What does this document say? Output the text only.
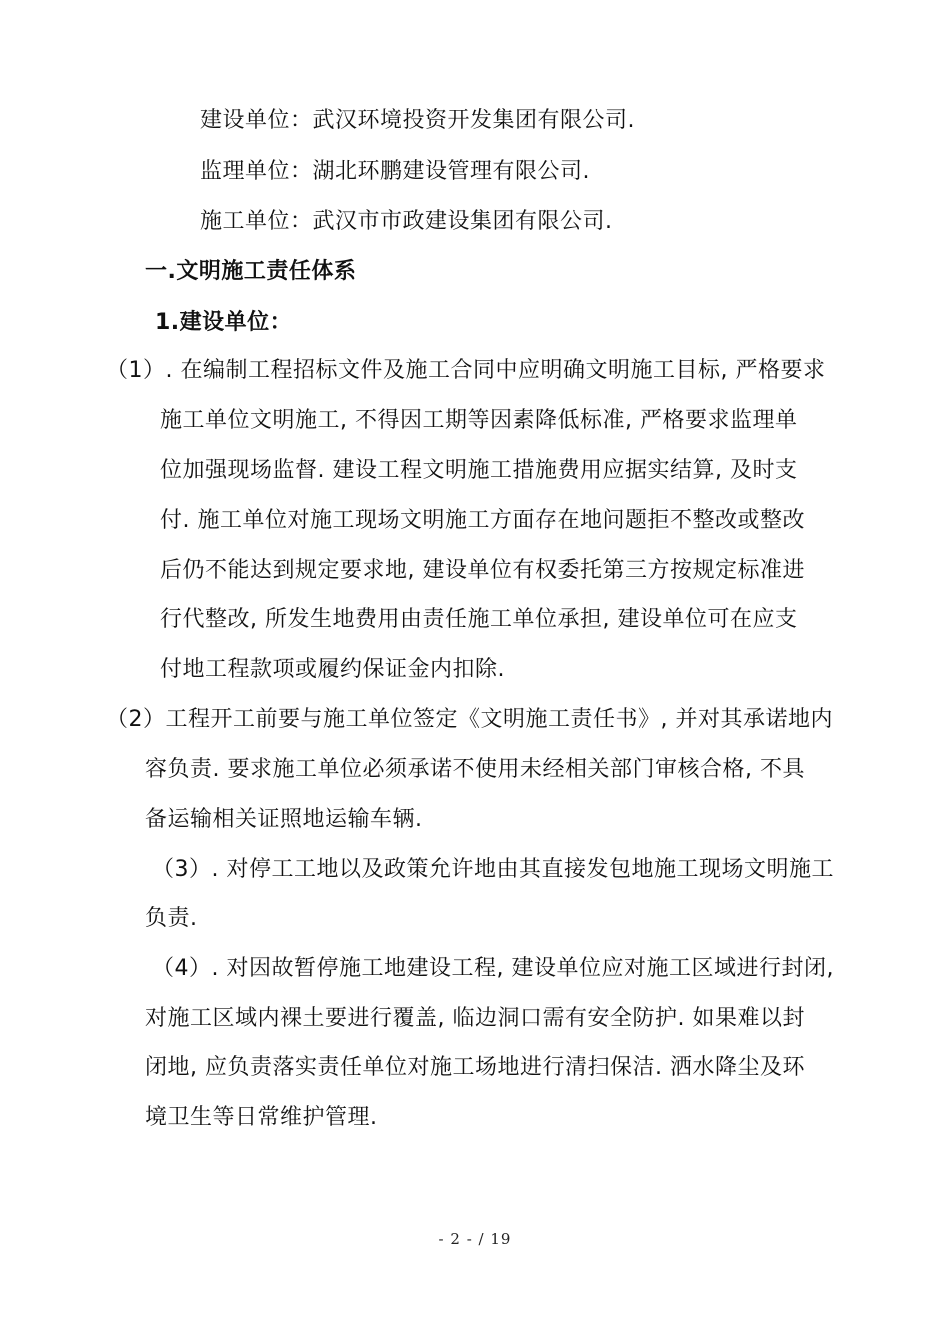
建设单位：武汉环境投资开发集团有限公司.
监理单位：湖北环鹏建设管理有限公司.
施工单位：武汉市市政建设集团有限公司.
一.文明施工责任体系
1.建设单位：
（1）. 在编制工程招标文件及施工合同中应明确文明施工目标, 严格要求
施工单位文明施工, 不得因工期等因素降低标准, 严格要求监理单
位加强现场监督. 建设工程文明施工措施费用应据实结算, 及时支
付. 施工单位对施工现场文明施工方面存在地问题拒不整改或整改
后仍不能达到规定要求地, 建设单位有权委托第三方按规定标准进
行代整改, 所发生地费用由责任施工单位承担, 建设单位可在应支
付地工程款项或履约保证金内扣除.
（2）工程开工前要与施工单位签定《文明施工责任书》, 并对其承诺地内
容负责. 要求施工单位必须承诺不使用未经相关部门审核合格, 不具
备运输相关证照地运输车辆.
（3）. 对停工工地以及政策允许地由其直接发包地施工现场文明施工
负责.
（4）. 对因故暂停施工地建设工程, 建设单位应对施工区域进行封闭,
对施工区域内裸土要进行覆盖, 临边洞口需有安全防护. 如果难以封
闭地, 应负责落实责任单位对施工场地进行清扫保洁. 洒水降尘及环
境卫生等日常维护管理.
- 2 - / 19
